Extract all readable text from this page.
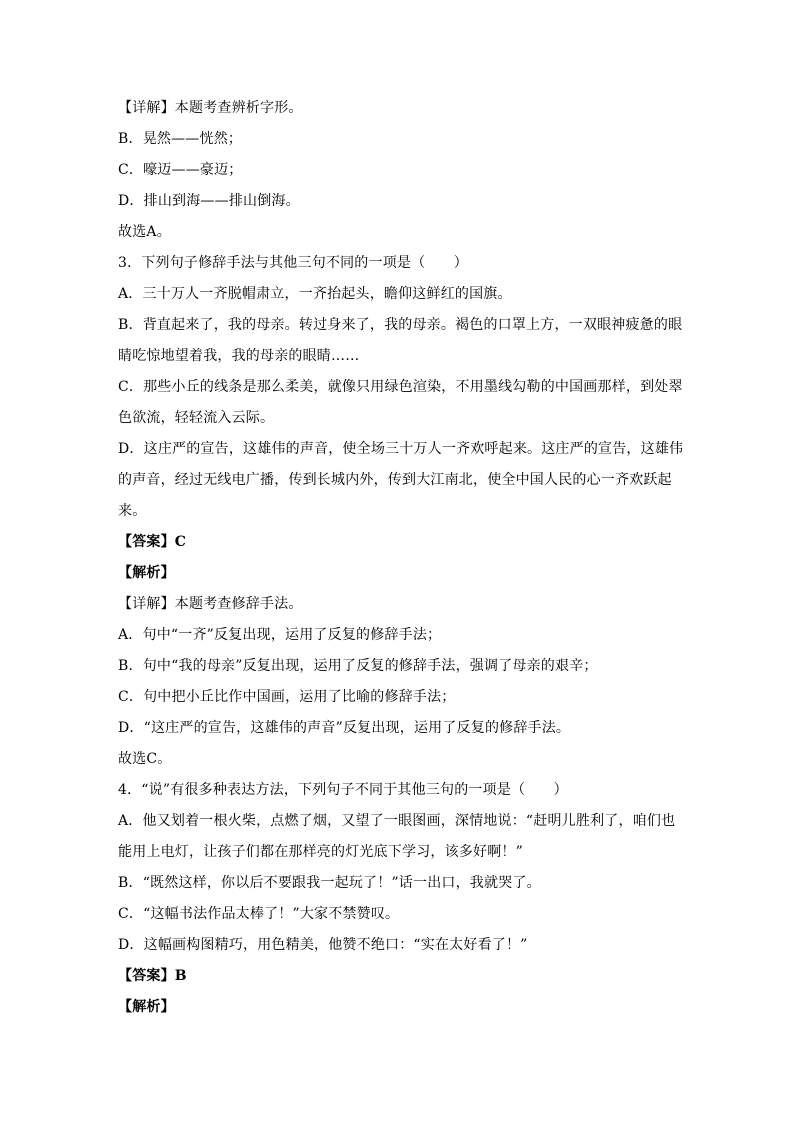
【详解】本题考查辨析字形。
B．晃然——恍然；
C．嚎迈——豪迈；
D．排山到海——排山倒海。
故选A。
3．下列句子修辞手法与其他三句不同的一项是（　　）
A．三十万人一齐脱帽肃立，一齐抬起头，瞻仰这鲜红的国旗。
B．背直起来了，我的母亲。转过身来了，我的母亲。褐色的口罩上方，一双眼神疲惫的眼
睛吃惊地望着我，我的母亲的眼睛……
C．那些小丘的线条是那么柔美，就像只用绿色渲染，不用墨线勾勒的中国画那样，到处翠
色欲流，轻轻流入云际。
D．这庄严的宣告，这雄伟的声音，使全场三十万人一齐欢呼起来。这庄严的宣告，这雄伟
的声音，经过无线电广播，传到长城内外，传到大江南北，使全中国人民的心一齐欢跃起
来。
【答案】C
【解析】
【详解】本题考查修辞手法。
A．句中“一齐”反复出现，运用了反复的修辞手法；
B．句中“我的母亲”反复出现，运用了反复的修辞手法，强调了母亲的艰辛；
C．句中把小丘比作中国画，运用了比喻的修辞手法；
D．“这庄严的宣告，这雄伟的声音”反复出现，运用了反复的修辞手法。
故选C。
4．“说”有很多种表达方法，下列句子不同于其他三句的一项是（　　）
A．他又划着一根火柴，点燃了烟，又望了一眼图画，深情地说：“赶明儿胜利了，咱们也
能用上电灯，让孩子们都在那样亮的灯光底下学习，该多好啊！”
B．“既然这样，你以后不要跟我一起玩了！”话一出口，我就哭了。
C．“这幅书法作品太棒了！”大家不禁赞叹。
D．这幅画构图精巧，用色精美，他赞不绝口：“实在太好看了！”
【答案】B
【解析】
